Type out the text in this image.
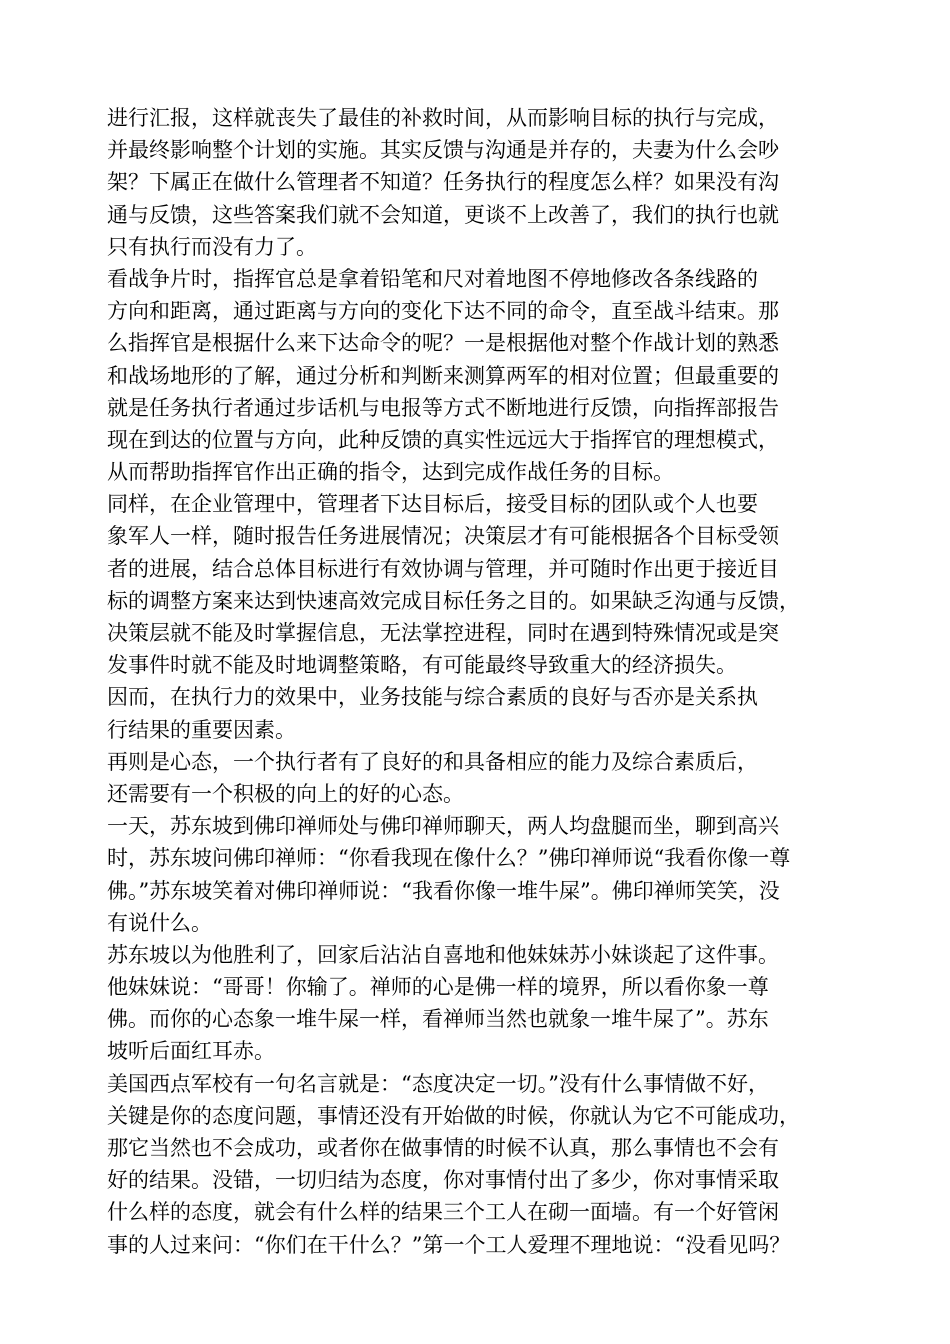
进行汇报，这样就丧失了最佳的补救时间，从而影响目标的执行与完成，
并最终影响整个计划的实施。其实反馈与沟通是并存的，夫妻为什么会吵
架？下属正在做什么管理者不知道？任务执行的程度怎么样？如果没有沟
通与反馈，这些答案我们就不会知道，更谈不上改善了，我们的执行也就
只有执行而没有力了。
看战争片时，指挥官总是拿着铅笔和尺对着地图不停地修改各条线路的
方向和距离，通过距离与方向的变化下达不同的命令，直至战斗结束。那
么指挥官是根据什么来下达命令的呢？一是根据他对整个作战计划的熟悉
和战场地形的了解，通过分析和判断来测算两军的相对位置；但最重要的
就是任务执行者通过步话机与电报等方式不断地进行反馈，向指挥部报告
现在到达的位置与方向，此种反馈的真实性远远大于指挥官的理想模式，
从而帮助指挥官作出正确的指令，达到完成作战任务的目标。
同样，在企业管理中，管理者下达目标后，接受目标的团队或个人也要
象军人一样，随时报告任务进展情况；决策层才有可能根据各个目标受领
者的进展，结合总体目标进行有效协调与管理，并可随时作出更于接近目
标的调整方案来达到快速高效完成目标任务之目的。如果缺乏沟通与反馈，
决策层就不能及时掌握信息，无法掌控进程，同时在遇到特殊情况或是突
发事件时就不能及时地调整策略，有可能最终导致重大的经济损失。
因而，在执行力的效果中，业务技能与综合素质的良好与否亦是关系执
行结果的重要因素。
再则是心态，一个执行者有了良好的和具备相应的能力及综合素质后，
还需要有一个积极的向上的好的心态。
一天，苏东坡到佛印禅师处与佛印禅师聊天，两人均盘腿而坐，聊到高兴
时，苏东坡问佛印禅师：“你看我现在像什么？”佛印禅师说“我看你像一尊
佛。”苏东坡笑着对佛印禅师说：“我看你像一堆牛屎”。佛印禅师笑笑，没
有说什么。
苏东坡以为他胜利了，回家后沾沾自喜地和他妹妹苏小妹谈起了这件事。
他妹妹说：“哥哥！你输了。禅师的心是佛一样的境界，所以看你象一尊
佛。而你的心态象一堆牛屎一样，看禅师当然也就象一堆牛屎了”。苏东
坡听后面红耳赤。
美国西点军校有一句名言就是：“态度决定一切。”没有什么事情做不好，
关键是你的态度问题，事情还没有开始做的时候，你就认为它不可能成功，
那它当然也不会成功，或者你在做事情的时候不认真，那么事情也不会有
好的结果。没错，一切归结为态度，你对事情付出了多少，你对事情采取
什么样的态度，就会有什么样的结果三个工人在砌一面墙。有一个好管闲
事的人过来问：“你们在干什么？”第一个工人爱理不理地说：“没看见吗？
